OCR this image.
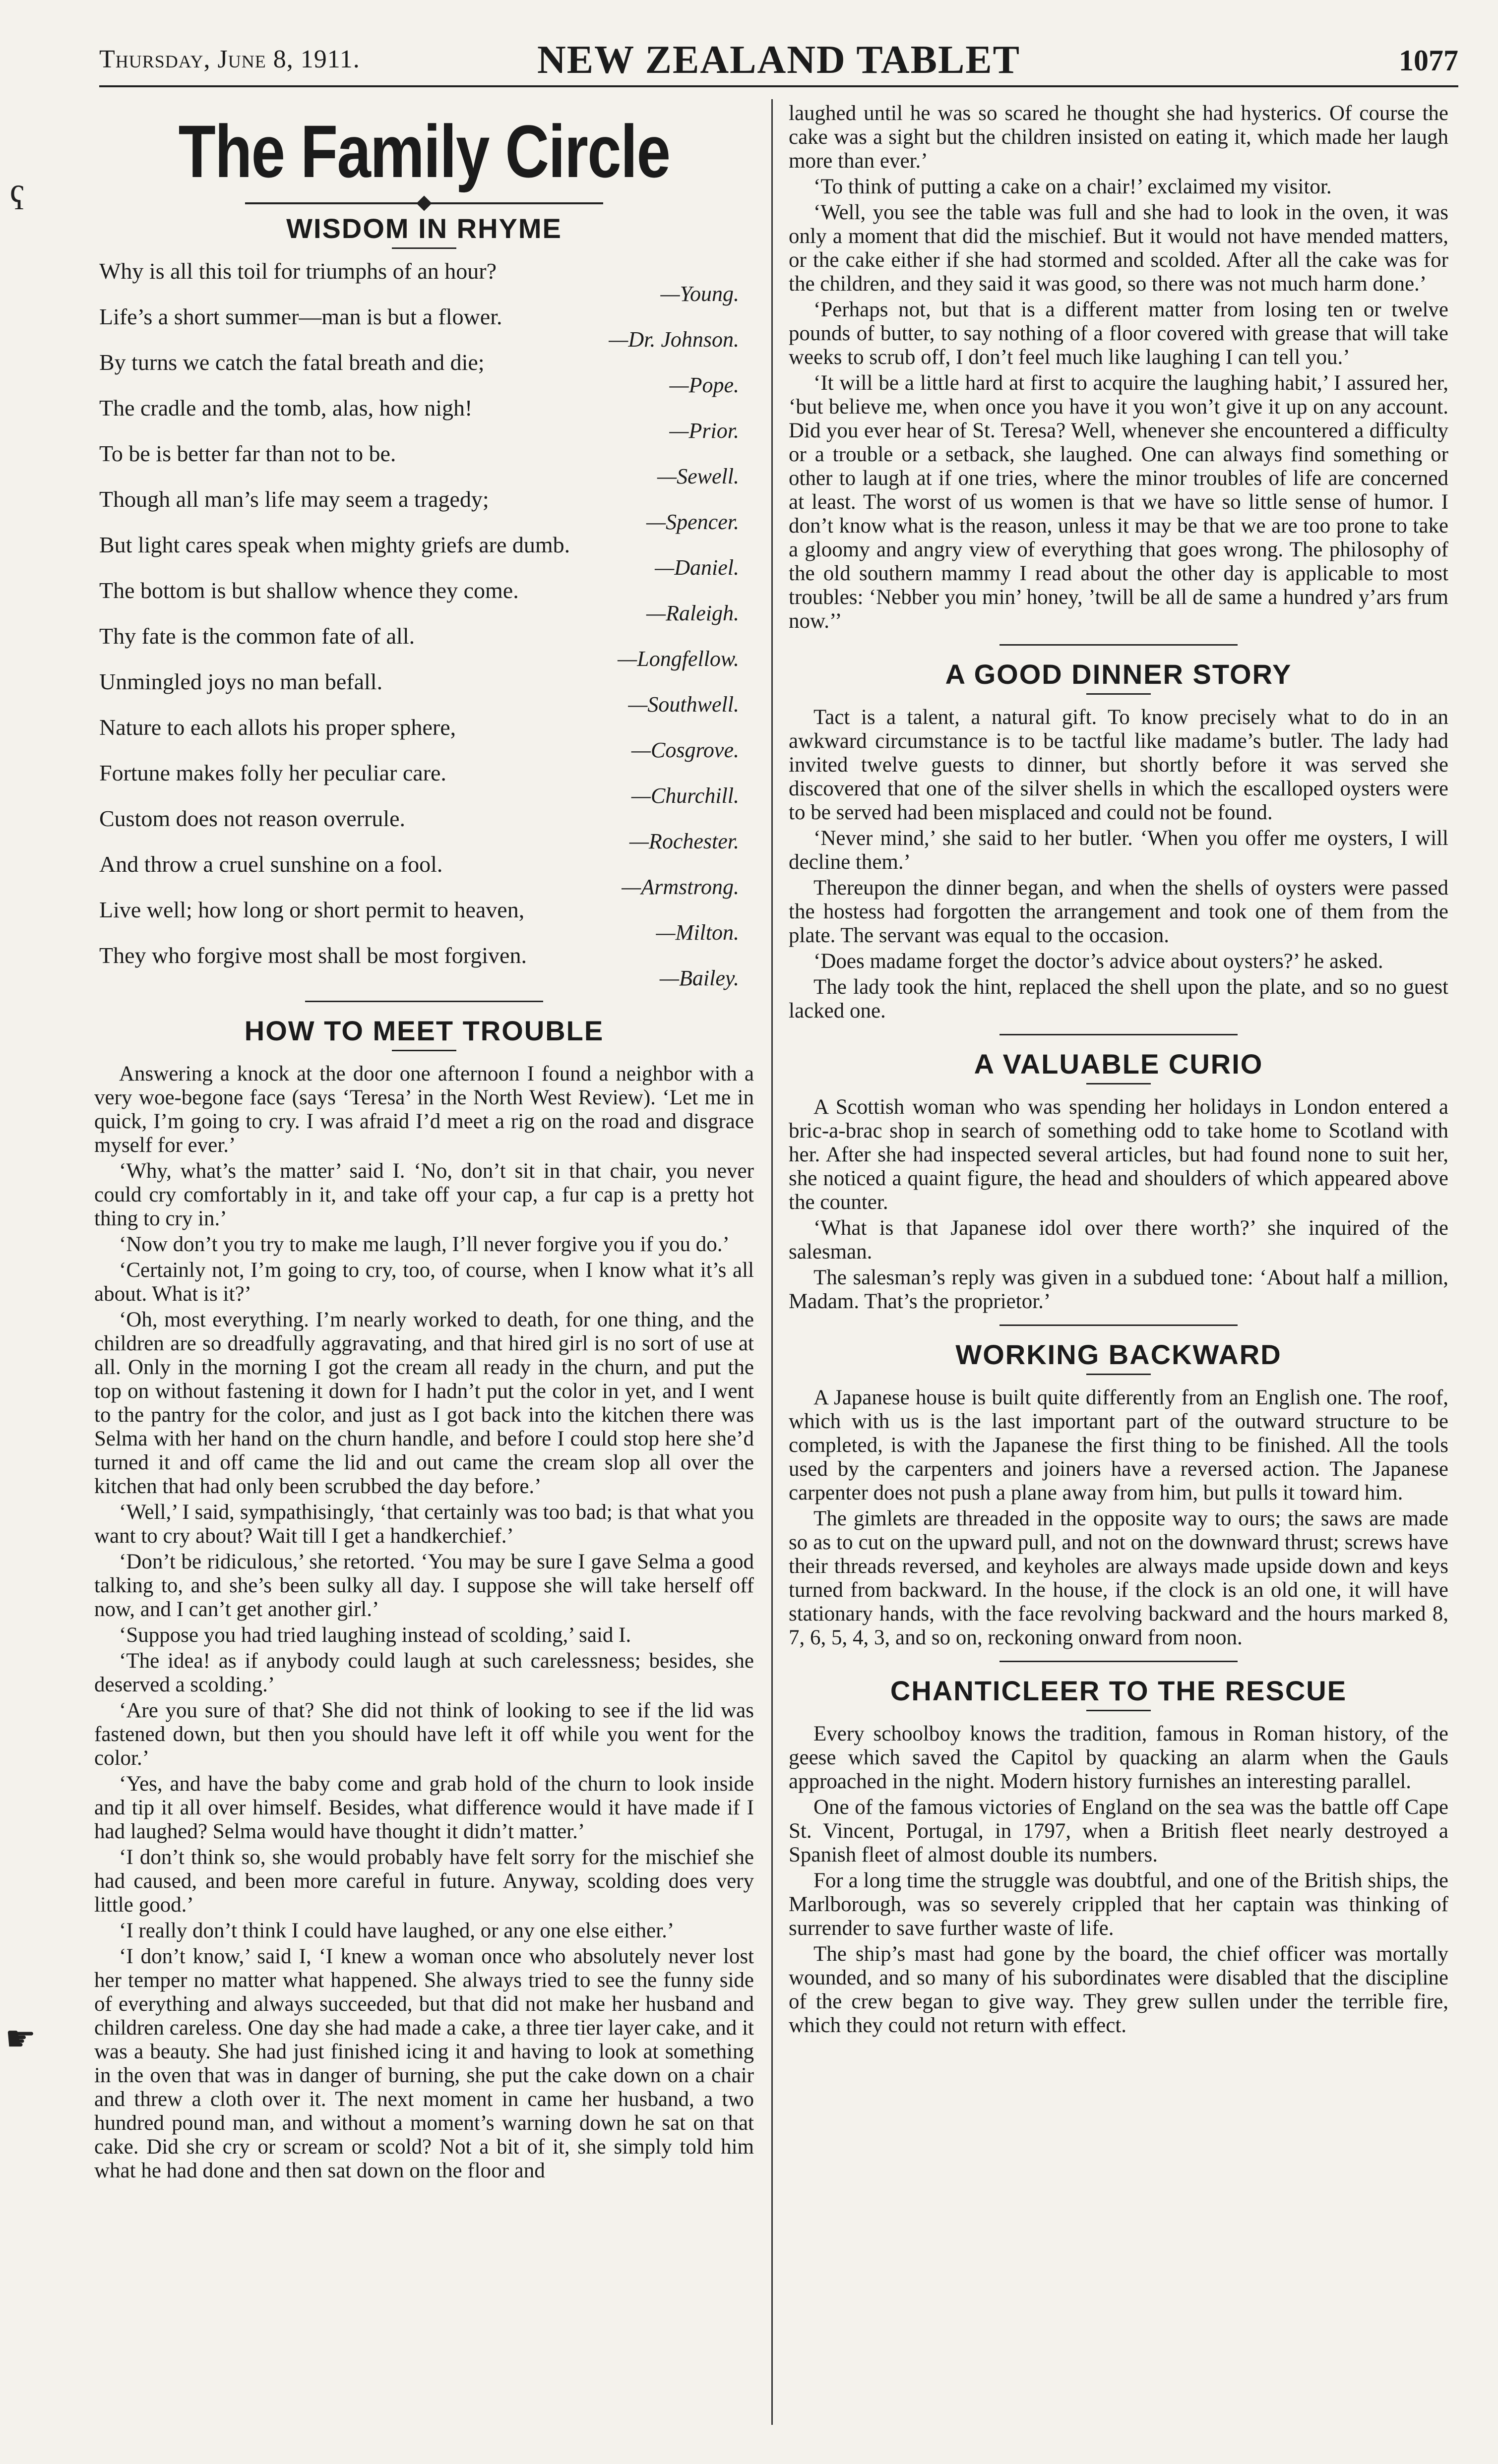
Thursday, June 8, 1911.	NEW ZEALAND TABLET	1077
ҁ
☛
The Family Circle
WISDOM IN RHYME
Why is all this toil for triumphs of an hour?
—Young.
Life’s a short summer—man is but a flower.
—Dr. Johnson.
By turns we catch the fatal breath and die;
—Pope.
The cradle and the tomb, alas, how nigh!
—Prior.
To be is better far than not to be.
—Sewell.
Though all man’s life may seem a tragedy;
—Spencer.
But light cares speak when mighty griefs are dumb.
—Daniel.
The bottom is but shallow whence they come.
—Raleigh.
Thy fate is the common fate of all.
—Longfellow.
Unmingled joys no man befall.
—Southwell.
Nature to each allots his proper sphere,
—Cosgrove.
Fortune makes folly her peculiar care.
—Churchill.
Custom does not reason overrule.
—Rochester.
And throw a cruel sunshine on a fool.
—Armstrong.
Live well; how long or short permit to heaven,
—Milton.
They who forgive most shall be most forgiven.
—Bailey.
HOW TO MEET TROUBLE

Answering a knock at the door one afternoon I found a neighbor with a very woe-begone face (says ‘Teresa’ in the North West Review). ‘Let me in quick, I’m going to cry. I was afraid I’d meet a rig on the road and disgrace myself for ever.’

‘Why, what’s the matter’ said I. ‘No, don’t sit in that chair, you never could cry comfortably in it, and take off your cap, a fur cap is a pretty hot thing to cry in.’

‘Now don’t you try to make me laugh, I’ll never forgive you if you do.’

‘Certainly not, I’m going to cry, too, of course, when I know what it’s all about. What is it?’

‘Oh, most everything. I’m nearly worked to death, for one thing, and the children are so dreadfully aggravating, and that hired girl is no sort of use at all. Only in the morning I got the cream all ready in the churn, and put the top on without fastening it down for I hadn’t put the color in yet, and I went to the pantry for the color, and just as I got back into the kitchen there was Selma with her hand on the churn handle, and before I could stop here she’d turned it and off came the lid and out came the cream slop all over the kitchen that had only been scrubbed the day before.’

‘Well,’ I said, sympathisingly, ‘that certainly was too bad; is that what you want to cry about? Wait till I get a handkerchief.’

‘Don’t be ridiculous,’ she retorted. ‘You may be sure I gave Selma a good talking to, and she’s been sulky all day. I suppose she will take herself off now, and I can’t get another girl.’

‘Suppose you had tried laughing instead of scolding,’ said I.

‘The idea! as if anybody could laugh at such carelessness; besides, she deserved a scolding.’

‘Are you sure of that? She did not think of looking to see if the lid was fastened down, but then you should have left it off while you went for the color.’

‘Yes, and have the baby come and grab hold of the churn to look inside and tip it all over himself. Besides, what difference would it have made if I had laughed? Selma would have thought it didn’t matter.’

‘I don’t think so, she would probably have felt sorry for the mischief she had caused, and been more careful in future. Anyway, scolding does very little good.’

‘I really don’t think I could have laughed, or any one else either.’

‘I don’t know,’ said I, ‘I knew a woman once who absolutely never lost her temper no matter what happened. She always tried to see the funny side of everything and always succeeded, but that did not make her husband and children careless. One day she had made a cake, a three tier layer cake, and it was a beauty. She had just finished icing it and having to look at something in the oven that was in danger of burning, she put the cake down on a chair and threw a cloth over it. The next moment in came her husband, a two hundred pound man, and without a moment’s warning down he sat on that cake. Did she cry or scream or scold? Not a bit of it, she simply told him what he had done and then sat down on the floor and

laughed until he was so scared he thought she had hysterics. Of course the cake was a sight but the children insisted on eating it, which made her laugh more than ever.’

‘To think of putting a cake on a chair!’ exclaimed my visitor.

‘Well, you see the table was full and she had to look in the oven, it was only a moment that did the mischief. But it would not have mended matters, or the cake either if she had stormed and scolded. After all the cake was for the children, and they said it was good, so there was not much harm done.’

‘Perhaps not, but that is a different matter from losing ten or twelve pounds of butter, to say nothing of a floor covered with grease that will take weeks to scrub off, I don’t feel much like laughing I can tell you.’

‘It will be a little hard at first to acquire the laughing habit,’ I assured her, ‘but believe me, when once you have it you won’t give it up on any account. Did you ever hear of St. Teresa? Well, whenever she encountered a difficulty or a trouble or a setback, she laughed. One can always find something or other to laugh at if one tries, where the minor troubles of life are concerned at least. The worst of us women is that we have so little sense of humor. I don’t know what is the reason, unless it may be that we are too prone to take a gloomy and angry view of everything that goes wrong. The philosophy of the old southern mammy I read about the other day is applicable to most troubles: ‘Nebber you min’ honey, ’twill be all de same a hundred y’ars frum now.’’

A GOOD DINNER STORY

Tact is a talent, a natural gift. To know precisely what to do in an awkward circumstance is to be tactful like madame’s butler. The lady had invited twelve guests to dinner, but shortly before it was served she discovered that one of the silver shells in which the escalloped oysters were to be served had been misplaced and could not be found.

‘Never mind,’ she said to her butler. ‘When you offer me oysters, I will decline them.’

Thereupon the dinner began, and when the shells of oysters were passed the hostess had forgotten the arrangement and took one of them from the plate. The servant was equal to the occasion.

‘Does madame forget the doctor’s advice about oysters?’ he asked.

The lady took the hint, replaced the shell upon the plate, and so no guest lacked one.

A VALUABLE CURIO

A Scottish woman who was spending her holidays in London entered a bric-a-brac shop in search of something odd to take home to Scotland with her. After she had inspected several articles, but had found none to suit her, she noticed a quaint figure, the head and shoulders of which appeared above the counter.

‘What is that Japanese idol over there worth?’ she inquired of the salesman.

The salesman’s reply was given in a subdued tone: ‘About half a million, Madam. That’s the proprietor.’

WORKING BACKWARD

A Japanese house is built quite differently from an English one. The roof, which with us is the last important part of the outward structure to be completed, is with the Japanese the first thing to be finished. All the tools used by the carpenters and joiners have a reversed action. The Japanese carpenter does not push a plane away from him, but pulls it toward him.

The gimlets are threaded in the opposite way to ours; the saws are made so as to cut on the upward pull, and not on the downward thrust; screws have their threads reversed, and keyholes are always made upside down and keys turned from backward. In the house, if the clock is an old one, it will have stationary hands, with the face revolving backward and the hours marked 8, 7, 6, 5, 4, 3, and so on, reckoning onward from noon.

CHANTICLEER TO THE RESCUE

Every schoolboy knows the tradition, famous in Roman history, of the geese which saved the Capitol by quacking an alarm when the Gauls approached in the night. Modern history furnishes an interesting parallel.

One of the famous victories of England on the sea was the battle off Cape St. Vincent, Portugal, in 1797, when a British fleet nearly destroyed a Spanish fleet of almost double its numbers.

For a long time the struggle was doubtful, and one of the British ships, the Marlborough, was so severely crippled that her captain was thinking of surrender to save further waste of life.

The ship’s mast had gone by the board, the chief officer was mortally wounded, and so many of his subordinates were disabled that the discipline of the crew began to give way. They grew sullen under the terrible fire, which they could not return with effect.
